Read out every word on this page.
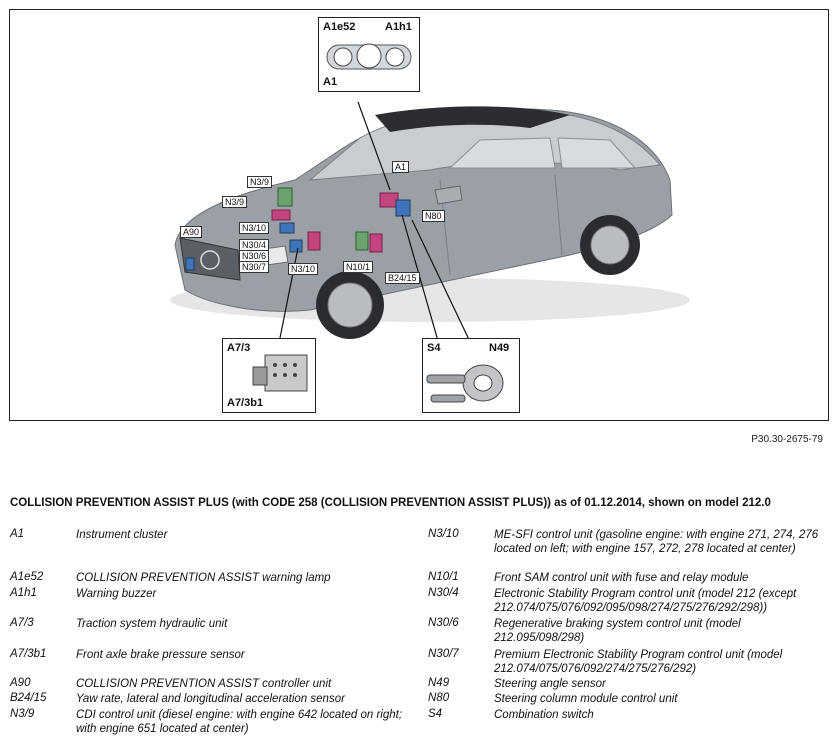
A1e52	A1h1
A1
A7/3
A7/3b1
S4	N49
N3/9
N3/9
N3/10
A90
N30/4
N30/6
N30/7	N3/10
A1
N80
N10/1
B24/15
P30.30-2675-79
COLLISION PREVENTION ASSIST PLUS (with CODE 258 (COLLISION PREVENTION ASSIST PLUS)) as of 01.12.2014, shown on model 212.0
A1	Instrument cluster
A1e52	COLLISION PREVENTION ASSIST warning lamp
A1h1	Warning buzzer
A7/3	Traction system hydraulic unit
A7/3b1	Front axle brake pressure sensor
A90	COLLISION PREVENTION ASSIST controller unit
B24/15	Yaw rate, lateral and longitudinal acceleration sensor
N3/9	CDI control unit (diesel engine: with engine 642 located on right; with engine 651 located at center)
N3/10	ME-SFI control unit (gasoline engine: with engine 271, 274, 276 located on left; with engine 157, 272, 278 located at center)
N10/1	Front SAM control unit with fuse and relay module
N30/4	Electronic Stability Program control unit (model 212 (except 212.074/075/076/092/095/098/274/275/276/292/298))
N30/6	Regenerative braking system control unit (model 212.095/098/298)
N30/7	Premium Electronic Stability Program control unit (model 212.074/075/076/092/274/275/276/292)
N49	Steering angle sensor
N80	Steering column module control unit
S4	Combination switch
